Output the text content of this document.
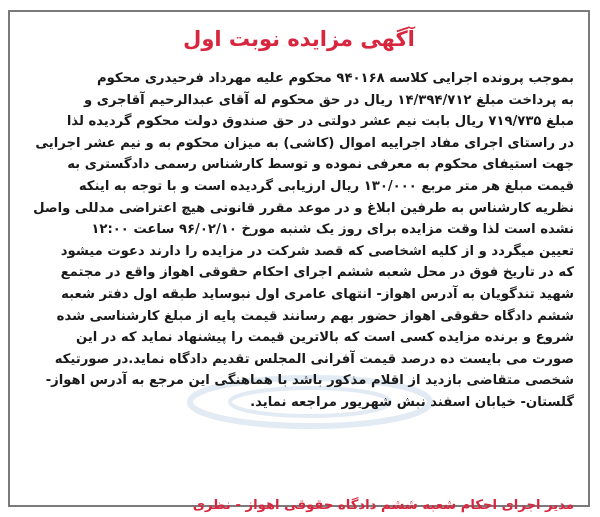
آگهی مزایده نوبت اول
بموجب پرونده اجرایی کلاسه ۹۴۰۱۶۸ محکوم علیه مهرداد فرحیدری محکوم
به پرداخت مبلغ ۱۴/۳۹۴/۷۱۲ ریال در حق محکوم له آقای عبدالرحیم آقاجری و
مبلغ ۷۱۹/۷۳۵ ریال بابت نیم عشر دولتی در حق صندوق دولت محکوم گردیده لذا
در راستای اجرای مفاد اجراییه اموال (کاشی) به میزان محکوم به و نیم عشر اجرایی
جهت استیفای محکوم به معرفی نموده و توسط کارشناس رسمی دادگستری به
قیمت مبلغ هر متر مربع ۱۳۰/۰۰۰ ریال ارزیابی گردیده است و با توجه به اینکه
نظریه کارشناس به طرفین ابلاغ و در موعد مقرر قانونی هیچ اعتراضی مدللی واصل
نشده است لذا وقت مزایده برای روز یک شنبه مورخ ۹۶/۰۲/۱۰ ساعت ۱۲:۰۰
تعیین میگردد و از کلیه اشخاصی که قصد شرکت در مزایده را دارند دعوت میشود
که در تاریخ فوق در محل شعبه ششم اجرای احکام حقوقی اهواز واقع در مجتمع
شهید تندگویان به آدرس اهواز- انتهای عامری اول نبوساید طبقه اول دفتر شعبه
ششم دادگاه حقوقی اهواز حضور بهم رسانند قیمت پایه از مبلغ کارشناسی شده
شروع و برنده مزایده کسی است که بالاترین قیمت را پیشنهاد نماید که در این
صورت می بایست ده درصد قیمت آفرانی المجلس تقدیم دادگاه نماید.در صورتیکه
شخصی متقاضی بازدید از اقلام مذکور باشد با هماهنگی این مرجع به آدرس اهواز-
گلستان- خیابان اسفند نبش شهریور مراجعه نماید.
مدیر اجرای احکام شعبه ششم دادگاه حقوقی اهواز - نظری
